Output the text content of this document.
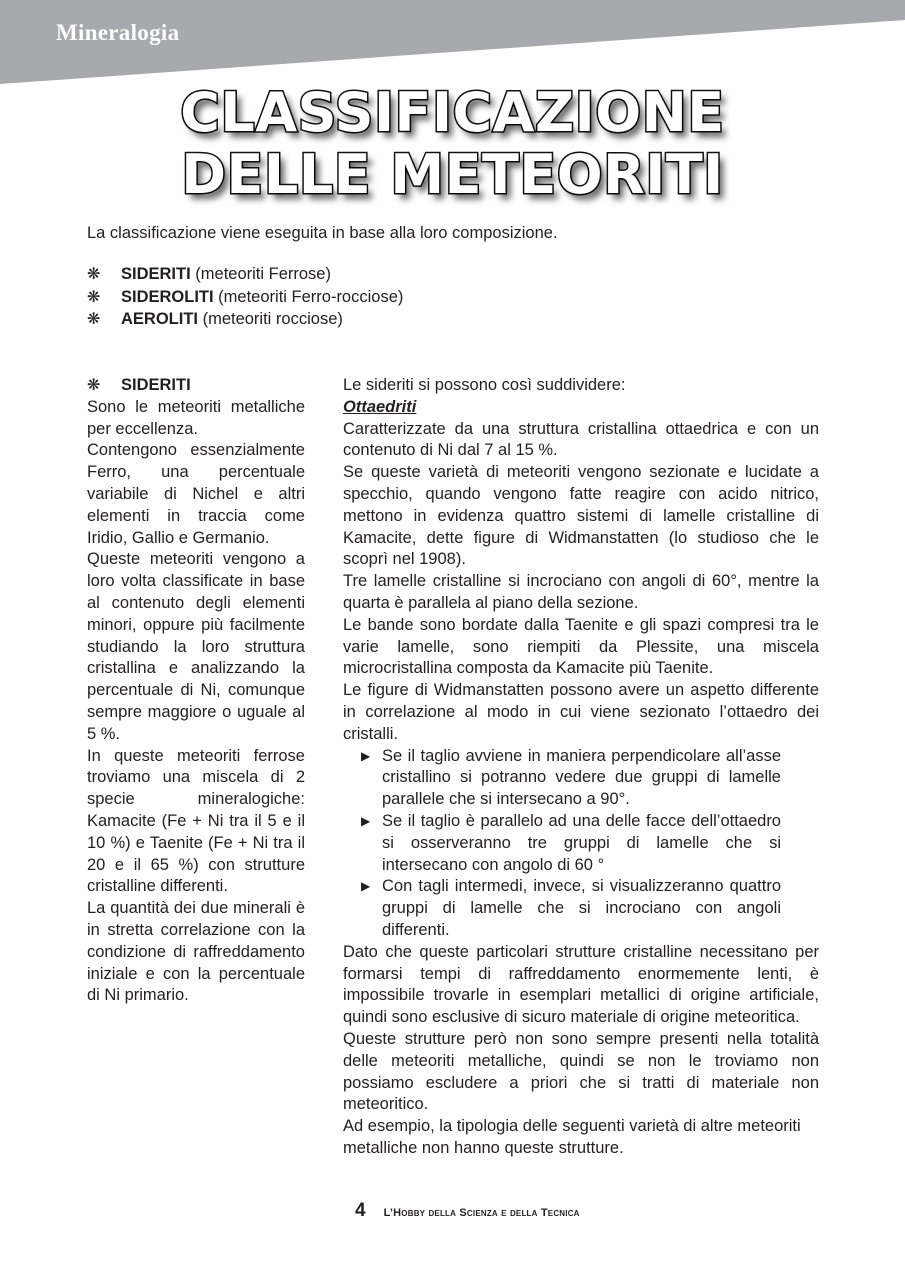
Mineralogia
CLASSIFICAZIONE
DELLE METEORITI

La classificazione viene eseguita in base alla loro composizione.

❋ SIDERITI (meteoriti Ferrose)
❋ SIDEROLITI (meteoriti Ferro-rocciose)
❋ AEROLITI (meteoriti rocciose)
❋ SIDERITI

Sono le meteoriti metalliche per eccellenza.

Contengono essenzialmente Ferro, una percentuale variabile di Nichel e altri elementi in traccia come Iridio, Gallio e Germanio.

Queste meteoriti vengono a loro volta classificate in base al contenuto degli elementi minori, oppure più facilmente studiando la loro struttura cristallina e analizzando la percentuale di Ni, comunque sempre maggiore o uguale al 5 %.

In queste meteoriti ferrose troviamo una miscela di 2 specie mineralogiche: Kamacite (Fe + Ni tra il 5 e il 10 %) e Taenite (Fe + Ni tra il 20 e il 65 %) con strutture cristalline differenti.

La quantità dei due minerali è in stretta correlazione con la condizione di raffreddamento iniziale e con la percentuale di Ni primario.

Le sideriti si possono così suddividere:

Ottaedriti

Caratterizzate da una struttura cristallina ottaedrica e con un contenuto di Ni dal 7 al 15 %.

Se queste varietà di meteoriti vengono sezionate e lucidate a specchio, quando vengono fatte reagire con acido nitrico, mettono in evidenza quattro sistemi di lamelle cristalline di Kamacite, dette figure di Widmanstatten (lo studioso che le scoprì nel 1908).

Tre lamelle cristalline si incrociano con angoli di 60°, mentre la quarta è parallela al piano della sezione.

Le bande sono bordate dalla Taenite e gli spazi compresi tra le varie lamelle, sono riempiti da Plessite, una miscela microcristallina composta da Kamacite più Taenite.

Le figure di Widmanstatten possono avere un aspetto differente in correlazione al modo in cui viene sezionato l’ottaedro dei cristalli.

▶ Se il taglio avviene in maniera perpendicolare all’asse cristallino si potranno vedere due gruppi di lamelle parallele che si intersecano a 90°.
▶ Se il taglio è parallelo ad una delle facce dell’ottaedro si osserveranno tre gruppi di lamelle che si intersecano con angolo di 60 °
▶ Con tagli intermedi, invece, si visualizzeranno quattro gruppi di lamelle che si incrociano con angoli differenti.

Dato che queste particolari strutture cristalline necessitano per formarsi tempi di raffreddamento enormemente lenti, è impossibile trovarle in esemplari metallici di origine artificiale, quindi sono esclusive di sicuro materiale di origine meteoritica.

Queste strutture però non sono sempre presenti nella totalità delle meteoriti metalliche, quindi se non le troviamo non possiamo escludere a priori che si tratti di materiale non meteoritico.

Ad esempio, la tipologia delle seguenti varietà di altre meteoriti metalliche non hanno queste strutture.

4 L’Hobby della Scienza e della Tecnica
